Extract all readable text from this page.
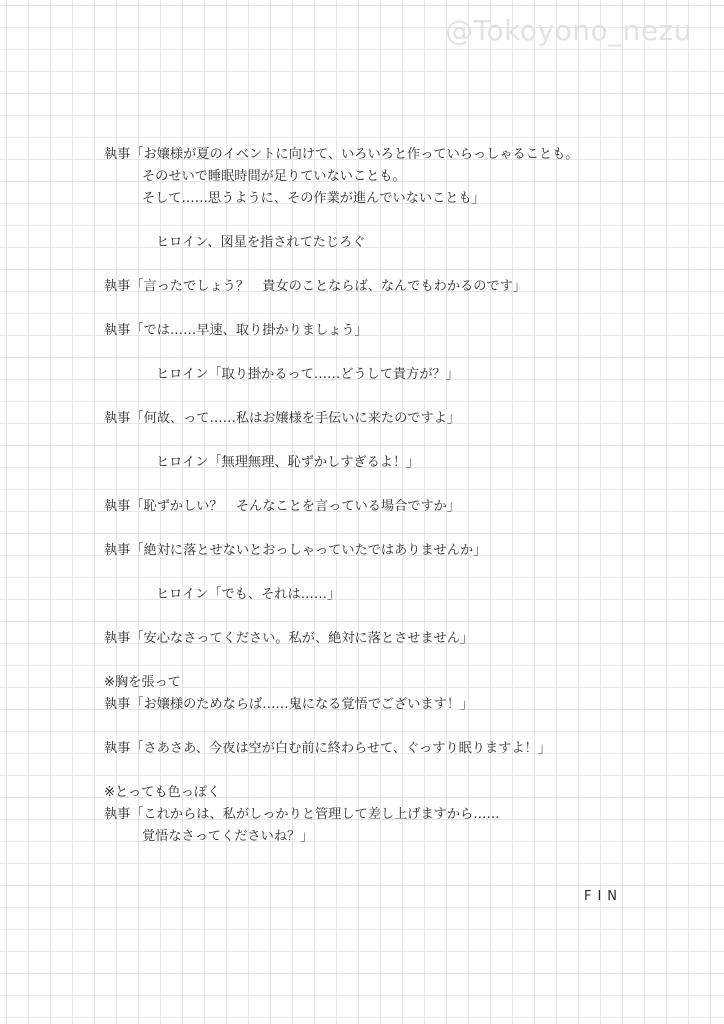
@Tokoyono_nezu
執事「お嬢様が夏のイベントに向けて、いろいろと作っていらっしゃることも。
そのせいで睡眠時間が足りていないことも。
そして……思うように、その作業が進んでいないことも」
ヒロイン、図星を指されてたじろぐ
執事「言ったでしょう？　貴女のことならば、なんでもわかるのです」
執事「では……早速、取り掛かりましょう」
ヒロイン「取り掛かるって……どうして貴方が？」
執事「何故、って……私はお嬢様を手伝いに来たのですよ」
ヒロイン「無理無理、恥ずかしすぎるよ！」
執事「恥ずかしい？　そんなことを言っている場合ですか」
執事「絶対に落とせないとおっしゃっていたではありませんか」
ヒロイン「でも、それは……」
執事「安心なさってください。私が、絶対に落とさせません」
※胸を張って
執事「お嬢様のためならば……鬼になる覚悟でございます！」
執事「さあさあ、今夜は空が白む前に終わらせて、ぐっすり眠りますよ！」
※とっても色っぽく
執事「これからは、私がしっかりと管理して差し上げますから……
覚悟なさってくださいね？」
FIN
